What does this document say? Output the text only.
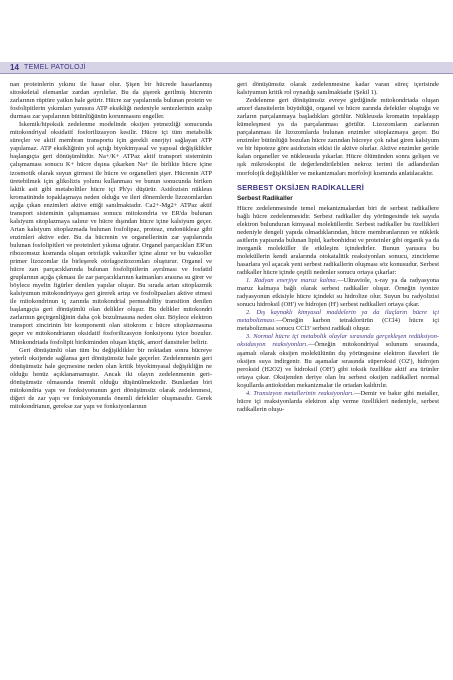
14 TEMEL PATOLOJİ

nan proteinlerin yıkımı ile hasar olur. Şişen bir hücrede hasarlanmış sitoskeletal elemanlar zardan ayrılırlar. Bu da şişerek gerilmiş hücrenin zarlarının rüptüre yatkın hale getirir. Hücre zar yapılarında bulunan protein ve fosfolipitlerin yıkımları yanısıra ATP eksikliği nedeniyle sentezlerinin azalıp durması zar yapılarının bütünlüğünün korunmasını engeller.

İskemik/hipoksik zedelenme modelinde oksijen yetmezliği sonucunda mitokondriyal oksidatif fosforilizasyon kesilir. Hücre içi tüm metabolik süreçler ve aktif membran transportu için gerekli enerjiyi sağlayan ATP yapılamaz. ATP eksikliğinin yol açtığı biyokimyasal ve yapısal değişiklikler başlangıçta geri dönüşümlüdür. Na+/K+ ATPaz aktif transport sisteminin çalışmaması sonucu K+ hücre dışına çıkarken Na+ ile birlikte hücre içine izosmotik olarak suyun girmesi ile hücre ve organelleri şişer. Hücrenin ATP üretebilmek için glikolizis yolunu kullanması ve bunun sonucunda biriken laktik asit gibi metabolitler hücre içi Ph'yı düşürür. Asidozisin nükleus kromatininde topaklaşmaya neden olduğu ve ileri dönemlerde lizozomlardan açığa çıkan enzimleri aktive ettiği sanılmaktadır. Ca2+-Mg2+ ATPaz aktif transport sisteminin çalışmaması sonucu mitokondria ve ER'da bulunan kalsiyum sitoplazmaya salınır ve hücre dışından hücre içine kalsiyum geçer. Artan kalsiyum sitoplazmada bulunan fosfolipaz, proteaz, endonükleaz gibi enzimleri aktive eder. Bu da hücrenin ve organellerinin zar yapılarında bulunan fosfolipitleri ve proteinleri yıkıma uğratır. Organel parçacıkları ER'un ribozomsuz kısmında oluşan ortofajik vakuoller içine alınır ve bu vakuoller primer lizozomlar ile birleşerek otofagozitozomları oluşturur. Organel ve hücre zarı parçacıklarında bulunan fosfolipitlerin ayrılması ve fosfatid gruplarının açığa çıkması ile zar parçacıklarının katmanları arasına su girer ve böylece myelin figürler denilen yapılar oluşur. Bu sırada artan sitoplazmik kalsiyumun mitokondriyaya geri girerek artışı ve fosfolipazları aktive etmesi ile mitokondrinun iç zarında mitokondrial permeability transition denilen başlangıçta geri dönüşümlü olan delikler oluşur. Bu delikler mitokondri zarlarının geçirgenliğinin daha çok bozulmasına neden olur. Böylece elektron transport zincirinin bir komponenti olan sitokrom c hücre sitoplazmasına geçer ve mitokondrianın oksidatif fosforilizasyon fonksiyonu iyice bozulur. Mitokondriada fosfolipit birikiminden oluşan küçük, amorf dansiteler belirir.

Geri dönüşümlü olan tüm bu değişiklikler bir noktadan sonra hücreye yeterli oksijende sağlansa geri dönüşümsüz hale geçerler. Zedelenmenin geri dönüşümsüz hale geçmesine neden olan kritik biyokimyasal değişikliğin ne olduğu henüz açıklanamamıştır. Ancak iki olayın zedelenmenin geri-dönüşümsüz olmasında önemli olduğu düşünülmektedir. Bunlardan biri mitokondria yapı ve fonksiyonunun geri dönüşümsüz olarak zedelenmesi, diğeri de zar yapı ve fonksiyonunda önemli defektler oluşmasıdır. Gerek mitokondrianın, gerekse zar yapı ve fonksiyonlarının

geri dönüşümsüz olarak zedelenmesine kadar varan süreç içerisinde kalsiyumun kritik rol oynadığı sanılmaktadır (Şekil 1).

Zedelenme geri dönüşümsüz evreye girdiğinde mitokondriada oluşan amorf dansitelerin büyüdüğü, organel ve hücre zarında defektler oluştuğu ve zarların parçalanmaya başladıkları görülür. Nükleusda kromatin topaklaşıp kümeleşmesi ya da parçalanması görülür. Lizozomların zarlarının parçalanması ile lizozomlarda bulunan enzimler sitoplazmaya geçer. Bu enzimler bütünlüğü bozulan hücre zarından hücreye çok rahat giren kalsiyum ve bir hipoteze göre asidozisin etkisi ile aktive olurlar. Aktive enzimler geride kalan organeller ve nükleusuda yıkarlar. Hücre ölümünden sonra gelişen ve ışık mikroskopisi ile değerlendirilebilen nekroz terimi ile adlandırılan morfolojik değişiklikler ve mekanizmaları morfoloji kısmında anlatılacaktır.

SERBEST OKSİJEN RADİKALLERİ
Serbest Radikaller

Hücre zedelenmesinde temel mekanizmalardan biri de serbest radikallere bağlı hücre zedelenmesidir. Serbest radikaller dış yörüngesinde tek sayıda elektron bulunduran kimyasal moleküllerdir. Serbest radikaller bu özellikleri nedeniyle dengeli yapıda olmadıklarından, hücre membranlarının ve nükleik asitlerin yapısında bulunan lipid, karbonhidrat ve proteinler gibi organik ya da inorganik moleküller ile etkileşim içindedirler. Bunun yanısıra bu moleküllerin kendi aralarında otokatalitik reaksiyonları sonucu, zincirleme hasarlara yol açacak yeni serbest radikallerin oluşması söz konusudur. Serbest radikaller hücre içinde çeşitli nedenler sonucu ortaya çıkarlar:

1. Radyan enerjiye maruz kalma.—Ultraviole, x-ray ya da radyasyona maruz kalmaya bağlı olarak serbest radikaller oluşur. Örneğin iyonize radyasyonun etkisiyle hücre içindeki su hidrolize olur. Suyun bu radyolizisi sonucu hidroksil (OH') ve hidrojen (H') serbest radikalleri ortaya çıkar.

2. Dış kaynaklı kimyasal maddelerin ya da ilaçların hücre içi metabolizması.—Örneğin karbon tetraklorürün (CCl4) hücre içi metabolizması sonucu CCl3' serbest radikali oluşur.

3. Normal hücre içi metabolik olaylar sırasında gerçekleşen redüksiyon-oksidasyon reaksiyonları.—Örneğin mitokondriyal solunum sırasında, aşamalı olarak oksijen molekülünün dış yörüngesine elektron ilaveleri ile oksijen suya indirgenir. Bu aşamalar sırasında süperoksid (O2'), hidrojen peroksid (H2O2) ve hidroksil (OH') gibi toksik özellikte aktif ara ürünler ortaya çıkar. Oksijenden deriye olan bu serbest oksijen radikalleri normal koşullarda antioksidan mekanizmalar ile ortadan kaldırılır.

4. Transizyon metallerinin reaksiyonları.—Demir ve bakır gibi metaller, hücre içi reaksiyonlarda elektron alıp verme özellikleri nedeniyle, serbest radikallerin oluşu-
